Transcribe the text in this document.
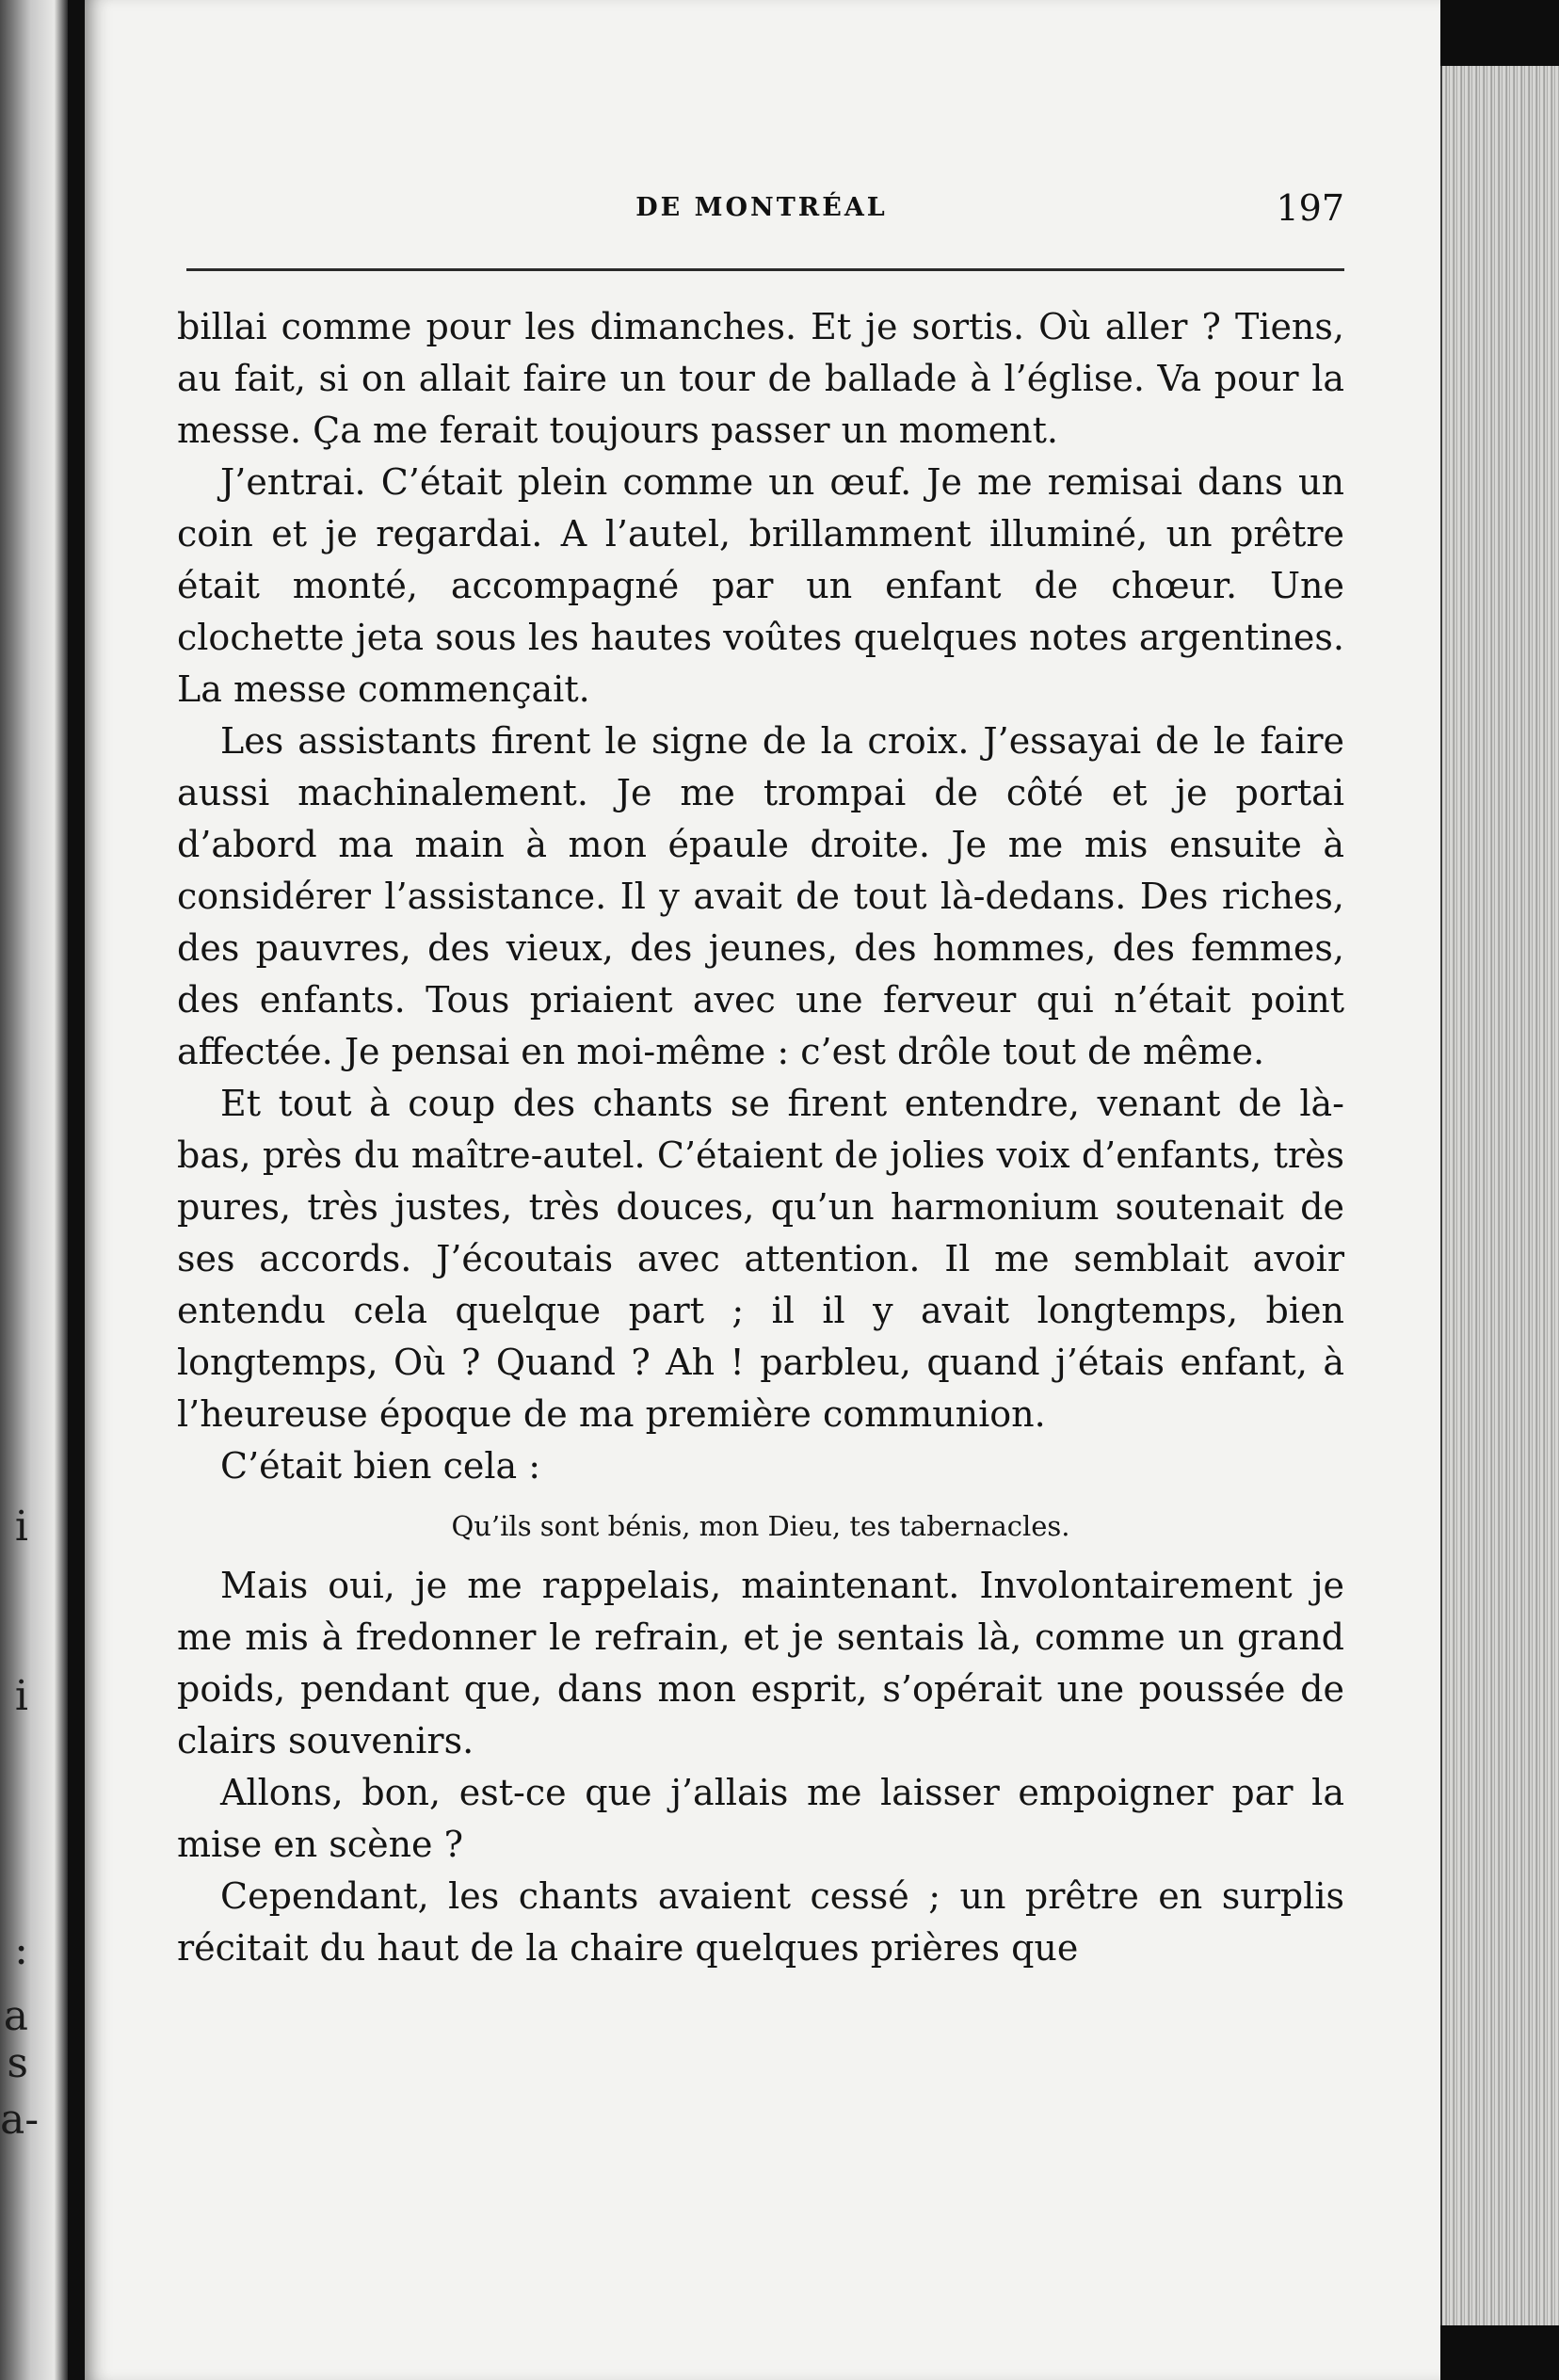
i
i
:
a
s
a-
DE MONTRÉAL	197

billai comme pour les dimanches. Et je sortis. Où aller ? Tiens, au fait, si on allait faire un tour de ballade à l’église. Va pour la messe. Ça me ferait toujours passer un moment.

J’entrai. C’était plein comme un œuf. Je me remisai dans un coin et je regardai. A l’autel, brillamment illuminé, un prêtre était monté, accompagné par un enfant de chœur. Une clochette jeta sous les hautes voûtes quelques notes argentines. La messe commençait.

Les assistants firent le signe de la croix. J’essayai de le faire aussi machinalement. Je me trompai de côté et je portai d’abord ma main à mon épaule droite. Je me mis ensuite à considérer l’assistance. Il y avait de tout là-dedans. Des riches, des pauvres, des vieux, des jeunes, des hommes, des femmes, des enfants. Tous priaient avec une ferveur qui n’était point affectée. Je pensai en moi-même : c’est drôle tout de même.

Et tout à coup des chants se firent entendre, venant de là-bas, près du maître-autel. C’étaient de jolies voix d’enfants, très pures, très justes, très douces, qu’un harmonium soutenait de ses accords. J’écoutais avec attention. Il me semblait avoir entendu cela quelque part ; il il y avait longtemps, bien longtemps, Où ? Quand ? Ah ! parbleu, quand j’étais enfant, à l’heureuse époque de ma première communion.

C’était bien cela :

Qu’ils sont bénis, mon Dieu, tes tabernacles.

Mais oui, je me rappelais, maintenant. Involontairement je me mis à fredonner le refrain, et je sentais là, comme un grand poids, pendant que, dans mon esprit, s’opérait une poussée de clairs souvenirs.

Allons, bon, est-ce que j’allais me laisser empoigner par la mise en scène ?

Cependant, les chants avaient cessé ; un prêtre en surplis récitait du haut de la chaire quelques prières que
